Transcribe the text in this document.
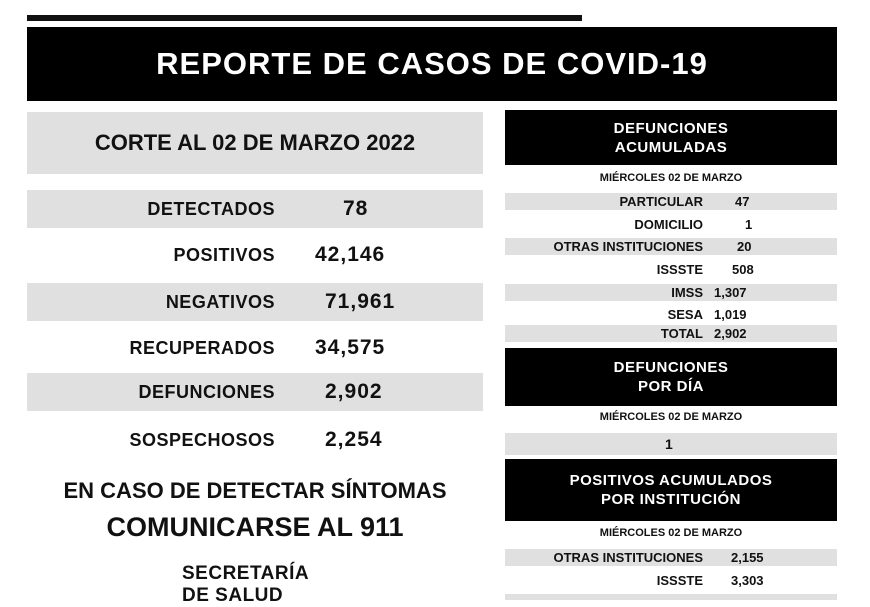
REPORTE DE CASOS DE COVID-19
CORTE AL 02 DE MARZO 2022
DETECTADOS	78
POSITIVOS 42,146
NEGATIVOS 71,961
RECUPERADOS 34,575
DEFUNCIONES 2,902
SOSPECHOSOS 2,254
EN CASO DE DETECTAR SÍNTOMAS
COMUNICARSE AL 911
SECRETARÍA
DE SALUD
DEFUNCIONES
ACUMULADAS
MIÉRCOLES 02 DE MARZO
PARTICULAR 47
DOMICILIO	1
OTRAS INSTITUCIONES	20
ISSSTE 508
IMSS 1,307
SESA 1,019
TOTAL 2,902
DEFUNCIONES
POR DÍA
MIÉRCOLES 02 DE MARZO
1
POSITIVOS ACUMULADOS
POR INSTITUCIÓN
MIÉRCOLES 02 DE MARZO
OTRAS INSTITUCIONES 2,155
ISSSTE 3,303
